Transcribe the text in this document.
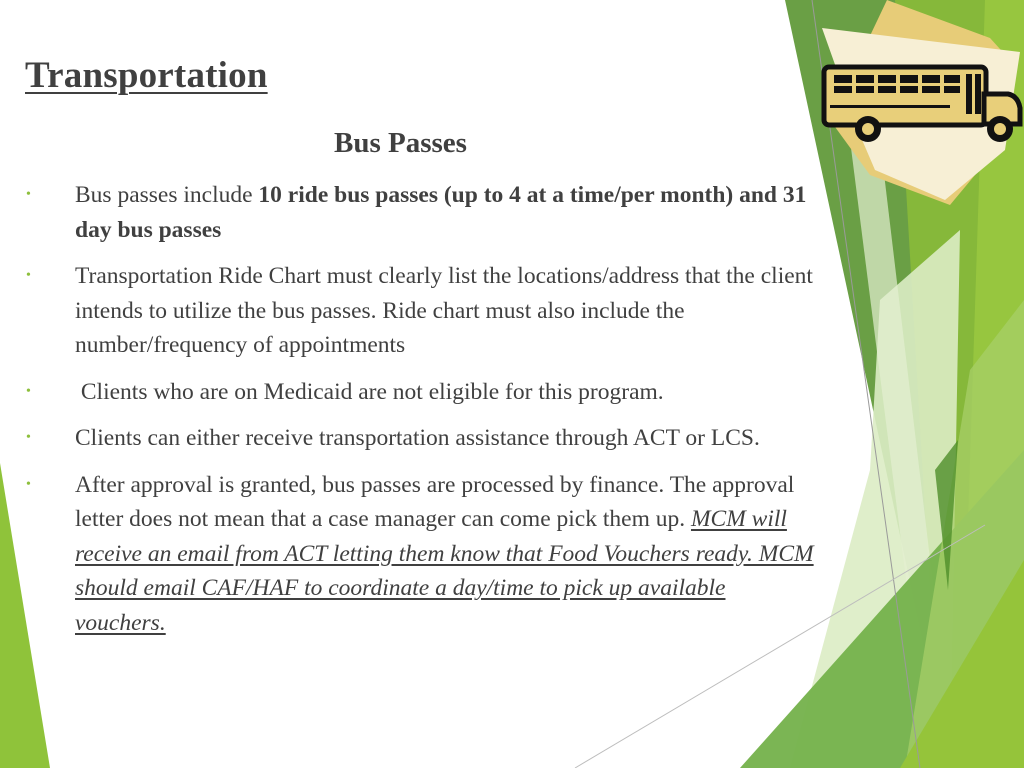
Transportation
Bus Passes
• Bus passes include 10 ride bus passes (up to 4 at a time/per month) and 31 day bus passes
• Transportation Ride Chart must clearly list the locations/address that the client intends to utilize the bus passes. Ride chart must also include the number/frequency of appointments
• Clients who are on Medicaid are not eligible for this program.
• Clients can either receive transportation assistance through ACT or LCS.
• After approval is granted, bus passes are processed by finance. The approval letter does not mean that a case manager can come pick them up. MCM will receive an email from ACT letting them know that Food Vouchers ready. MCM should email CAF/HAF to coordinate a day/time to pick up available vouchers.
